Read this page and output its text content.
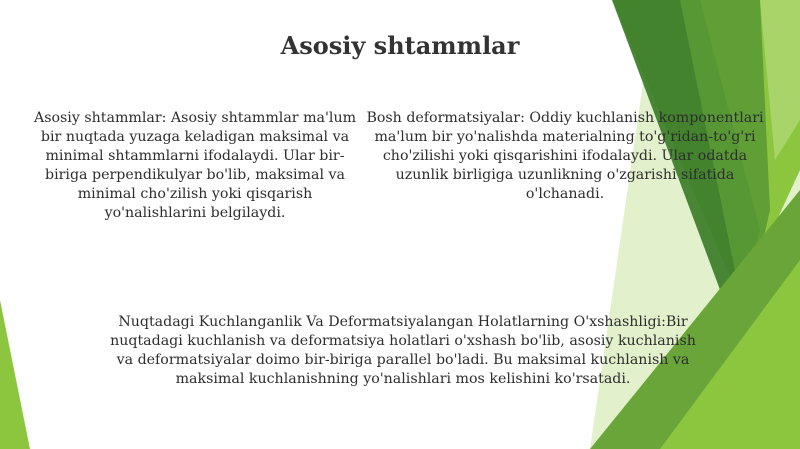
Asosiy shtammlar

Asosiy shtammlar: Asosiy shtammlar ma'lum bir nuqtada yuzaga keladigan maksimal va minimal shtammlarni ifodalaydi. Ular bir-biriga perpendikulyar bo'lib, maksimal va minimal cho'zilish yoki qisqarish yo'nalishlarini belgilaydi.

Bosh deformatsiyalar: Oddiy kuchlanish komponentlari ma'lum bir yo'nalishda materialning to'g'ridan-to'g'ri cho'zilishi yoki qisqarishini ifodalaydi. Ular odatda uzunlik birligiga uzunlikning o'zgarishi sifatida o'lchanadi.

Nuqtadagi Kuchlanganlik Va Deformatsiyalangan Holatlarning O'xshashligi:Bir nuqtadagi kuchlanish va deformatsiya holatlari o'xshash bo'lib, asosiy kuchlanish va deformatsiyalar doimo bir-biriga parallel bo'ladi. Bu maksimal kuchlanish va maksimal kuchlanishning yo'nalishlari mos kelishini ko'rsatadi.
